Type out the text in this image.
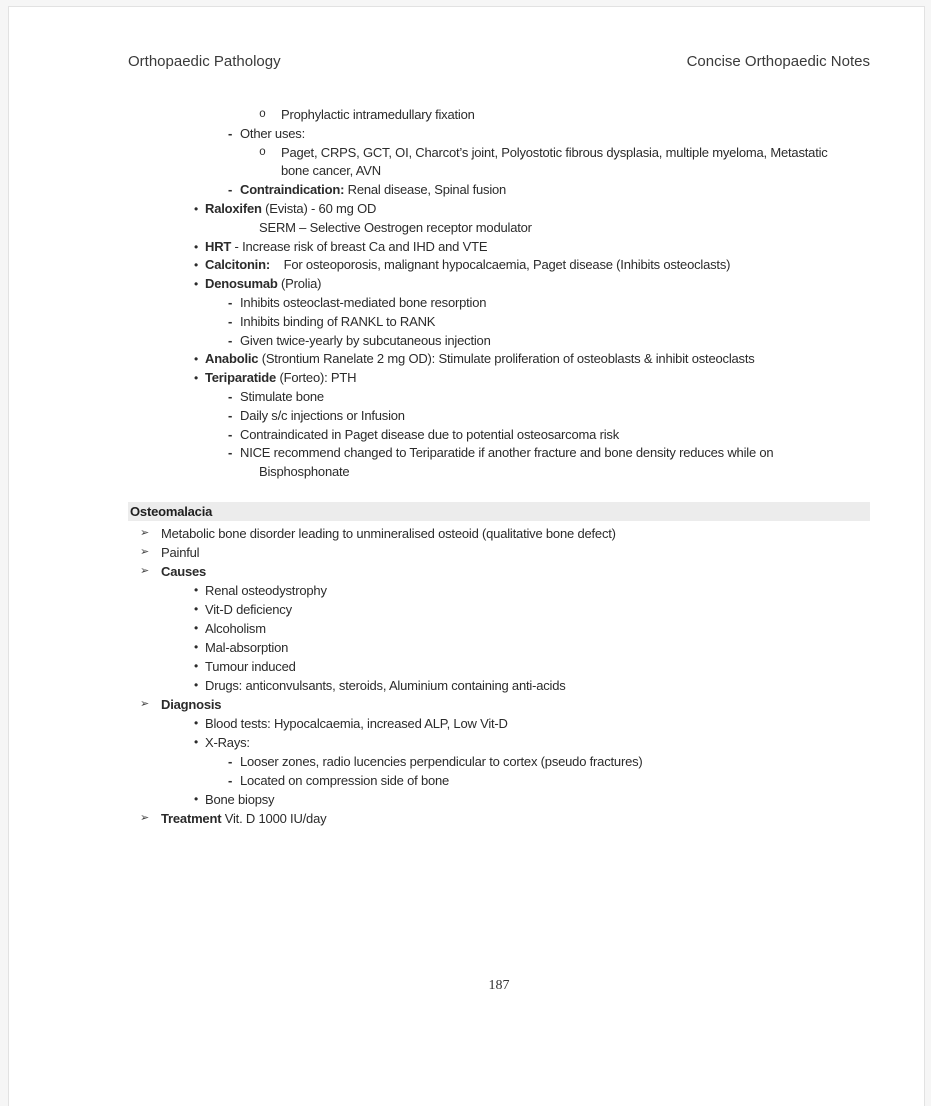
Orthopaedic Pathology	Concise Orthopaedic Notes
o	Prophylactic intramedullary fixation
- Other uses:
o	Paget, CRPS, GCT, OI, Charcot’s joint, Polyostotic fibrous dysplasia, multiple myeloma, Metastatic
bone cancer, AVN
- Contraindication: Renal disease, Spinal fusion
• Raloxifen (Evista) - 60 mg OD
SERM – Selective Oestrogen receptor modulator
• HRT - Increase risk of breast Ca and IHD and VTE
• Calcitonin:    For osteoporosis, malignant hypocalcaemia, Paget disease (Inhibits osteoclasts)
• Denosumab (Prolia)
- Inhibits osteoclast-mediated bone resorption
- Inhibits binding of RANKL to RANK
- Given twice-yearly by subcutaneous injection
• Anabolic (Strontium Ranelate 2 mg OD): Stimulate proliferation of osteoblasts & inhibit osteoclasts
• Teriparatide (Forteo): PTH
- Stimulate bone
- Daily s/c injections or Infusion
- Contraindicated in Paget disease due to potential osteosarcoma risk
- NICE recommend changed to Teriparatide if another fracture and bone density reduces while on
Bisphosphonate
Osteomalacia
➢ Metabolic bone disorder leading to unmineralised osteoid (qualitative bone defect)
➢ Painful
➢ Causes
• Renal osteodystrophy
• Vit-D deficiency
• Alcoholism
• Mal-absorption
• Tumour induced
• Drugs: anticonvulsants, steroids, Aluminium containing anti-acids
➢ Diagnosis
• Blood tests: Hypocalcaemia, increased ALP, Low Vit-D
• X-Rays:
- Looser zones, radio lucencies perpendicular to cortex (pseudo fractures)
- Located on compression side of bone
• Bone biopsy
➢ Treatment Vit. D 1000 IU/day
187
